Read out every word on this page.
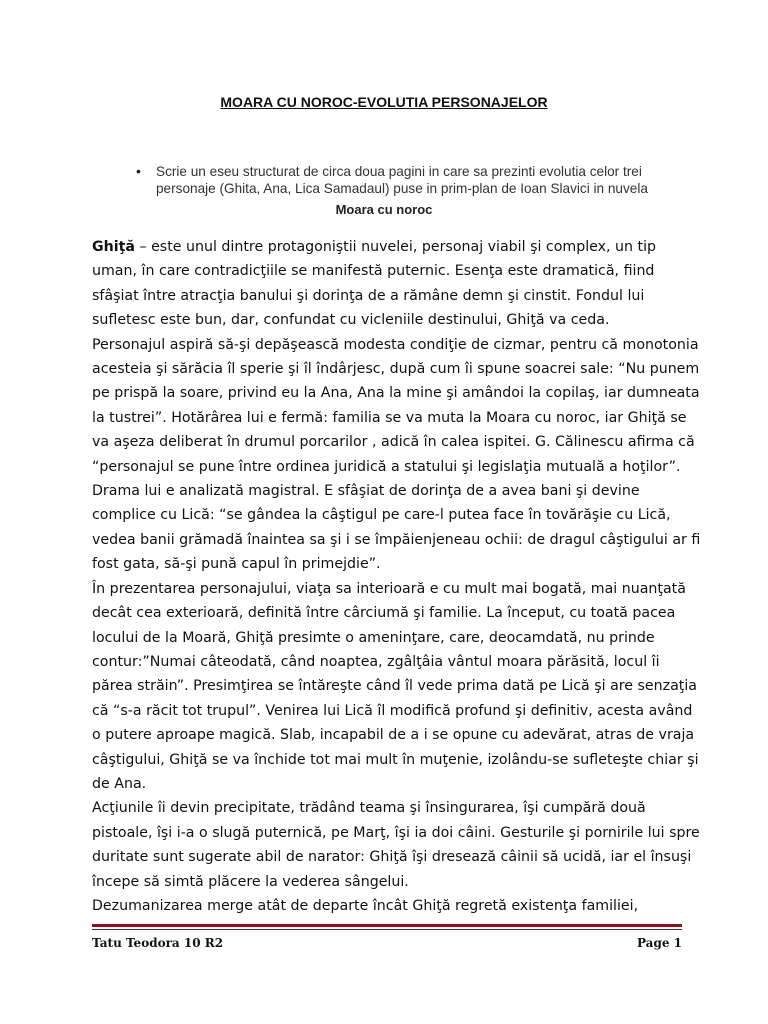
MOARA CU NOROC-EVOLUTIA PERSONAJELOR
• Scrie un eseu structurat de circa doua pagini in care sa prezinti evolutia celor trei personaje (Ghita, Ana, Lica Samadaul) puse in prim-plan de Ioan Slavici in nuvela
Moara cu noroc
Ghiţă – este unul dintre protagoniştii nuvelei, personaj viabil şi complex, un tip
uman, în care contradicţiile se manifestă puternic. Esenţa este dramatică, fiind
sfâşiat între atracţia banului şi dorinţa de a rămâne demn şi cinstit. Fondul lui
sufletesc este bun, dar, confundat cu vicleniile destinului, Ghiţă va ceda.
Personajul aspiră să-şi depăşească modesta condiţie de cizmar, pentru că monotonia
acesteia şi sărăcia îl sperie şi îl îndârjesc, după cum îi spune soacrei sale: “Nu punem
pe prispă la soare, privind eu la Ana, Ana la mine şi amândoi la copilaş, iar dumneata
la tustrei”. Hotărârea lui e fermă: familia se va muta la Moara cu noroc, iar Ghiţă se
va aşeza deliberat în drumul porcarilor , adică în calea ispitei. G. Călinescu afirma că
“personajul se pune între ordinea juridică a statului şi legislaţia mutuală a hoţilor”.
Drama lui e analizată magistral. E sfâşiat de dorinţa de a avea bani şi devine
complice cu Lică: “se gândea la câştigul pe care-l putea face în tovărăşie cu Lică,
vedea banii grămadă înaintea sa şi i se împăienjeneau ochii: de dragul câştigului ar fi
fost gata, să-şi pună capul în primejdie”.
În prezentarea personajului, viaţa sa interioară e cu mult mai bogată, mai nuanţată
decât cea exterioară, definită între cârciumă şi familie. La început, cu toată pacea
locului de la Moară, Ghiţă presimte o ameninţare, care, deocamdată, nu prinde
contur:”Numai câteodată, când noaptea, zgâlţâia vântul moara părăsită, locul îi
părea străin”. Presimţirea se întăreşte când îl vede prima dată pe Lică şi are senzaţia
că “s-a răcit tot trupul”. Venirea lui Lică îl modifică profund şi definitiv, acesta având
o putere aproape magică. Slab, incapabil de a i se opune cu adevărat, atras de vraja
câştigului, Ghiţă se va închide tot mai mult în muţenie, izolându-se sufleteşte chiar şi
de Ana.
Acţiunile îi devin precipitate, trădând teama şi însingurarea, îşi cumpără două
pistoale, îşi i-a o slugă puternică, pe Marţ, îşi ia doi câini. Gesturile şi pornirile lui spre
duritate sunt sugerate abil de narator: Ghiţă îşi dresează câinii să ucidă, iar el însuşi
începe să simtă plăcere la vederea sângelui.
Dezumanizarea merge atât de departe încât Ghiţă regretă existenţa familiei,
Tatu Teodora 10 R2	Page 1
